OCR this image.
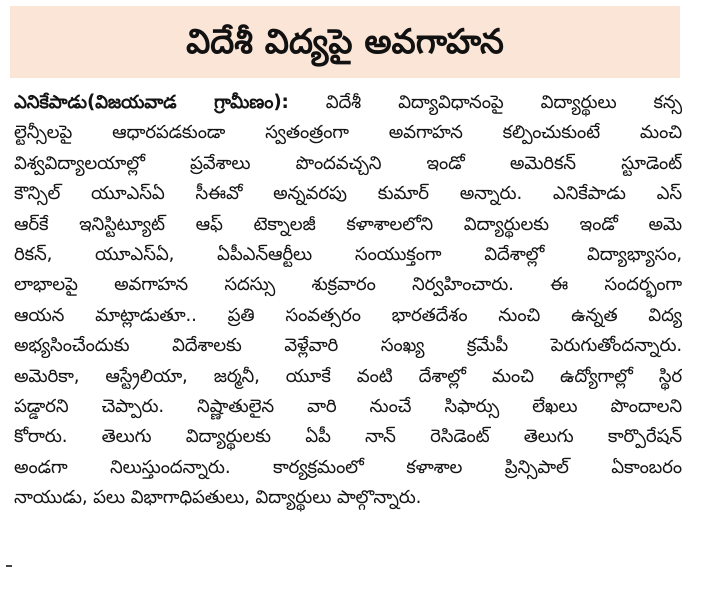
విదేశీ విద్యపై అవగాహన
ఎనికేపాడు(విజయవాడ గ్రామీణం): విదేశీ విద్యావిధానంపై విద్యార్థులు కన్స
ల్టెన్సీలపై ఆధారపడకుండా స్వతంత్రంగా అవగాహన కల్పించుకుంటే మంచి
విశ్వవిద్యాలయాల్లో ప్రవేశాలు పొందవచ్చని ఇండో అమెరికన్ స్టూడెంట్
కౌన్సిల్ యూఎస్ఏ సీఈవో అన్నవరపు కుమార్ అన్నారు. ఎనికేపాడు ఎస్
ఆర్‌కే ఇనిస్టిట్యూట్ ఆఫ్ టెక్నాలజీ కళాశాలలోని విద్యార్థులకు ఇండో అమె
రికన్, యూఎస్ఏ, ఏపీఎన్ఆర్టీలు సంయుక్తంగా విదేశాల్లో విద్యాభ్యాసం,
లాభాలపై అవగాహన సదస్సు శుక్రవారం నిర్వహించారు. ఈ సందర్భంగా
ఆయన మాట్లాడుతూ.. ప్రతి సంవత్సరం భారతదేశం నుంచి ఉన్నత విద్య
అభ్యసించేందుకు విదేశాలకు వెళ్లేవారి సంఖ్య క్రమేపీ పెరుగుతోందన్నారు.
అమెరికా, ఆస్ట్రేలియా, జర్మనీ, యూకే వంటి దేశాల్లో మంచి ఉద్యోగాల్లో స్థిర
పడ్డారని చెప్పారు. నిష్ణాతులైన వారి నుంచే సిఫార్సు లేఖలు పొందాలని
కోరారు. తెలుగు విద్యార్థులకు ఏపీ నాన్ రెసిడెంట్ తెలుగు కార్పొరేషన్
అండగా నిలుస్తుందన్నారు. కార్యక్రమంలో కళాశాల ప్రిన్సిపాల్ ఏకాంబరం
నాయుడు, పలు విభాగాధిపతులు, విద్యార్థులు పాల్గొన్నారు.
